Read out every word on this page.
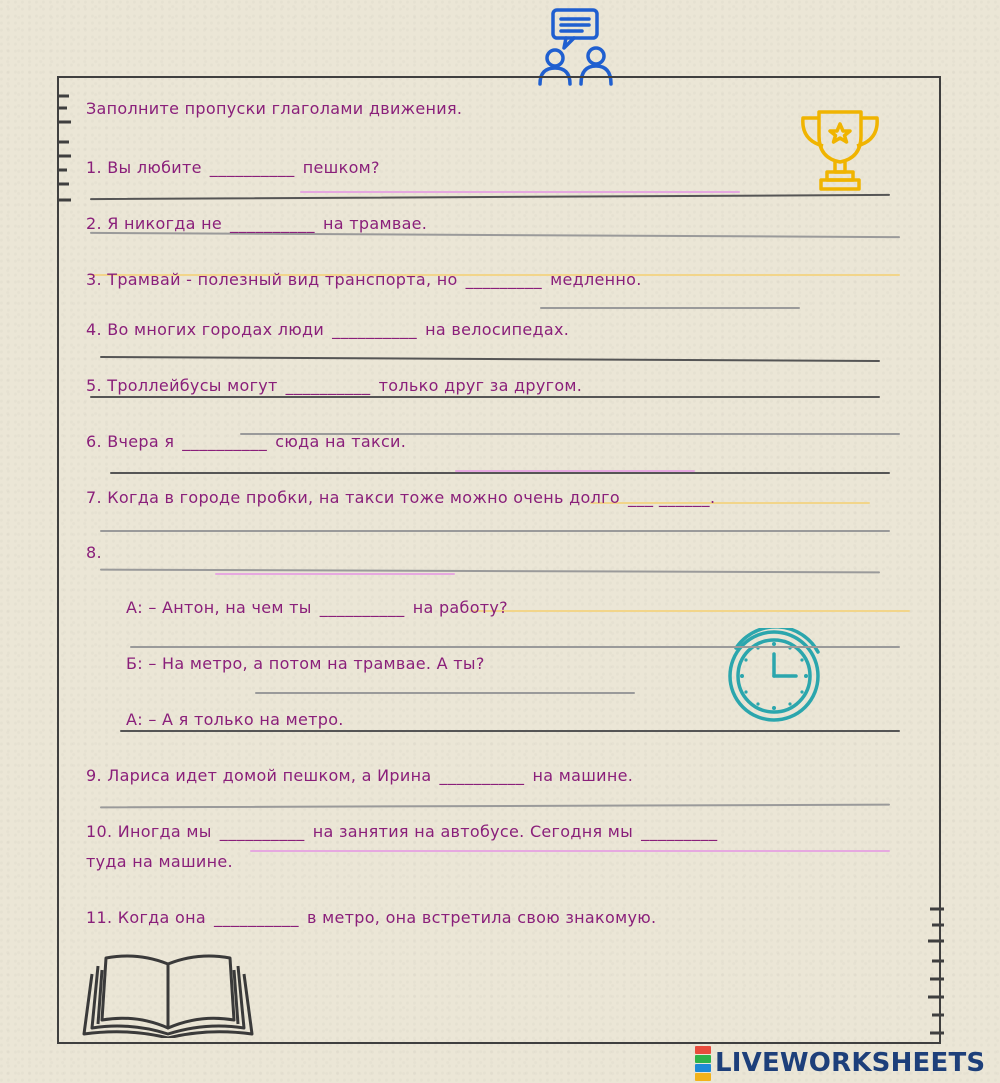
Заполните пропуски глаголами движения.
1. Вы любите __________ пешком?
2. Я никогда не __________ на трамвае.
3. Трамвай - полезный вид транспорта, но _________ медленно.
4. Во многих городах люди __________ на велосипедах.
5. Троллейбусы могут __________ только друг за другом.
6. Вчера я __________ сюда на такси.
7. Когда в городе пробки, на такси тоже можно очень долго ___ ______.
8.
А: – Антон, на чем ты __________ на работу?
Б: – На метро, а потом на трамвае. А ты?
А: – А я только на метро.
9. Лариса идет домой пешком, а Ирина __________ на машине.
10. Иногда мы __________ на занятия на автобусе. Сегодня мы _________
туда на машине.
11. Когда она __________ в метро, она встретила свою знакомую.
LIVEWORKSHEETS
